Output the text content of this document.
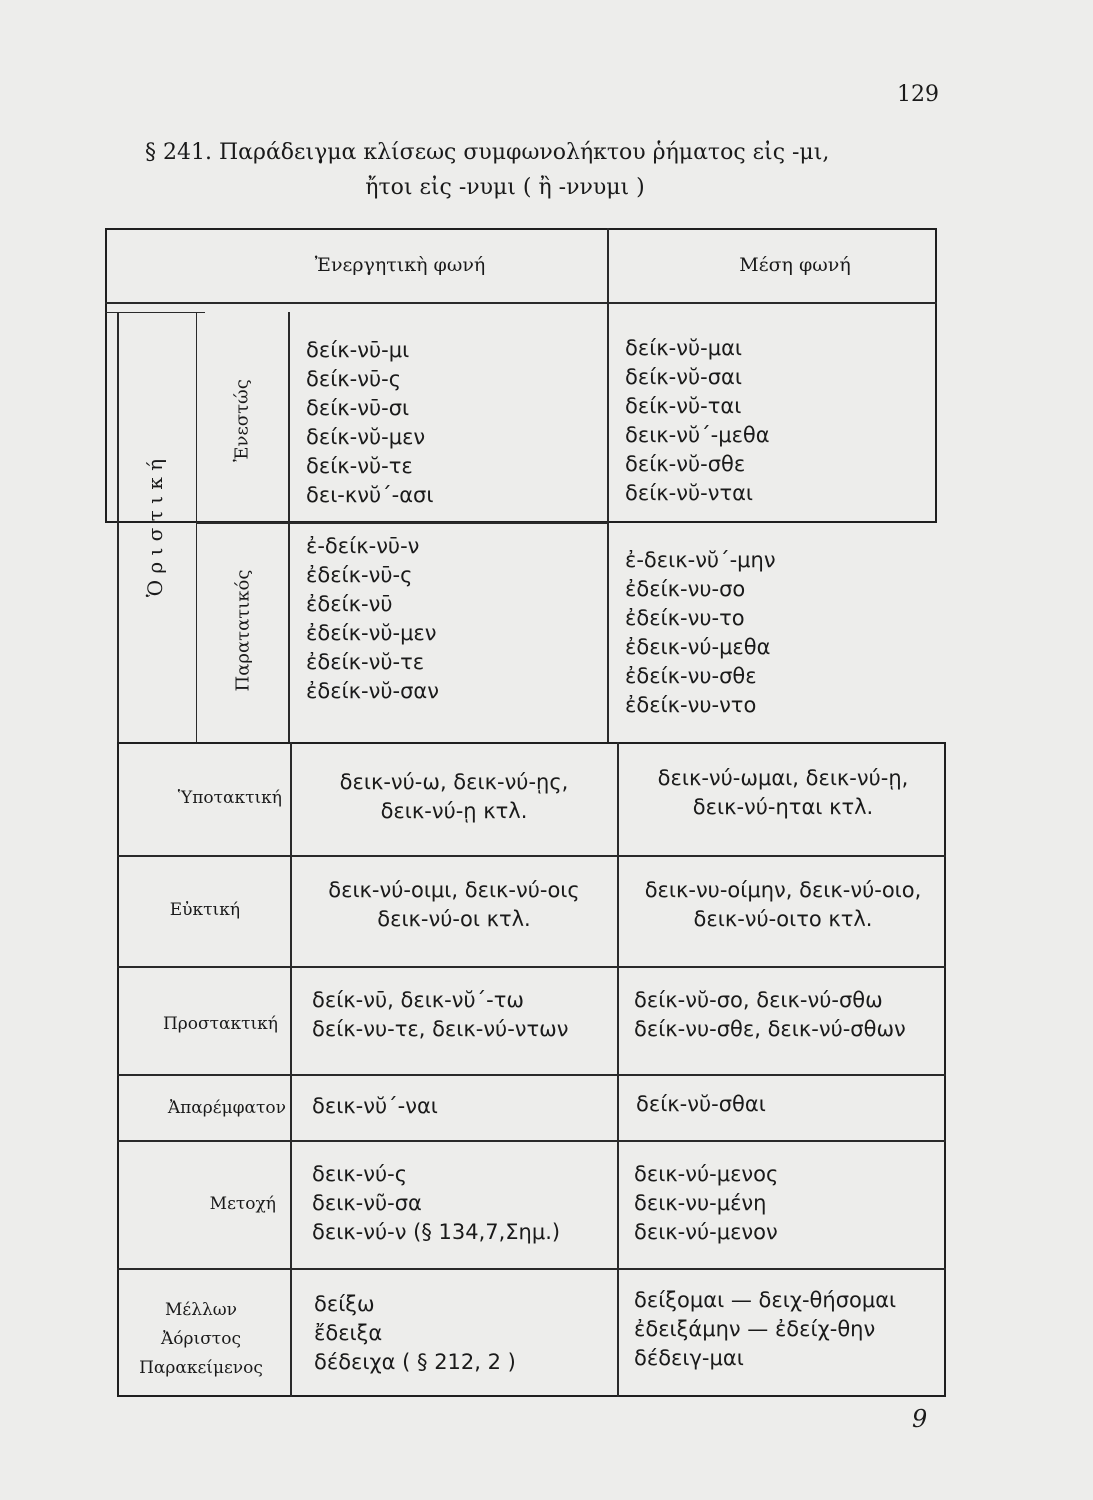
129
§ 241. Παράδειγμα κλίσεως συμφωνολήκτου ῥήματος εἰς -μι,
ἤτοι εἰς -νυμι ( ἢ -ννυμι )
Ἐνεργητικὴ φωνή	Μέση φωνή
Ὁ ρ ι σ τ ι κ ή
Ἐνεστώς
δείκ-νῡ-μι
δείκ-νῡ-ς
δείκ-νῡ-σι
δείκ-νῠ-μεν
δείκ-νῠ-τε
δει-κνῠ΄-ασι
δείκ-νῠ-μαι
δείκ-νῠ-σαι
δείκ-νῠ-ται
δεικ-νῠ΄-μεθα
δείκ-νῠ-σθε
δείκ-νῠ-νται
Παρατατικός
ἐ-δείκ-νῡ-ν
ἐδείκ-νῡ-ς
ἐδείκ-νῡ
ἐδείκ-νῠ-μεν
ἐδείκ-νῠ-τε
ἐδείκ-νῠ-σαν
ἐ-δεικ-νῠ΄-μην
ἐδείκ-νυ-σο
ἐδείκ-νυ-το
ἐδεικ-νύ-μεθα
ἐδείκ-νυ-σθε
ἐδείκ-νυ-ντο
Ὑποτακτική
δεικ-νύ-ω, δεικ-νύ-ῃς,
δεικ-νύ-ῃ κτλ.
δεικ-νύ-ωμαι, δεικ-νύ-ῃ,
δεικ-νύ-ηται κτλ.
Εὐκτική
δεικ-νύ-οιμι, δεικ-νύ-οις
δεικ-νύ-οι κτλ.
δεικ-νυ-οίμην, δεικ-νύ-οιο,
δεικ-νύ-οιτο κτλ.
Προστακτική
δείκ-νῡ, δεικ-νῠ΄-τω
δείκ-νυ-τε, δεικ-νύ-ντων
δείκ-νῠ-σο, δεικ-νύ-σθω
δείκ-νυ-σθε, δεικ-νύ-σθων
Ἀπαρέμφατον δεικ-νῠ΄-ναι	δείκ-νῠ-σθαι
Μετοχή
δεικ-νύ-ς
δεικ-νῦ-σα
δεικ-νύ-ν (§ 134,7,Σημ.)
δεικ-νύ-μενος
δεικ-νυ-μένη
δεικ-νύ-μενον
Μέλλων
Ἀόριστος
Παρακείμενος
δείξω
ἔδειξα
δέδειχα ( § 212, 2 )
δείξομαι — δειχ-θήσομαι
ἐδειξάμην — ἐδείχ-θην
δέδειγ-μαι
9
